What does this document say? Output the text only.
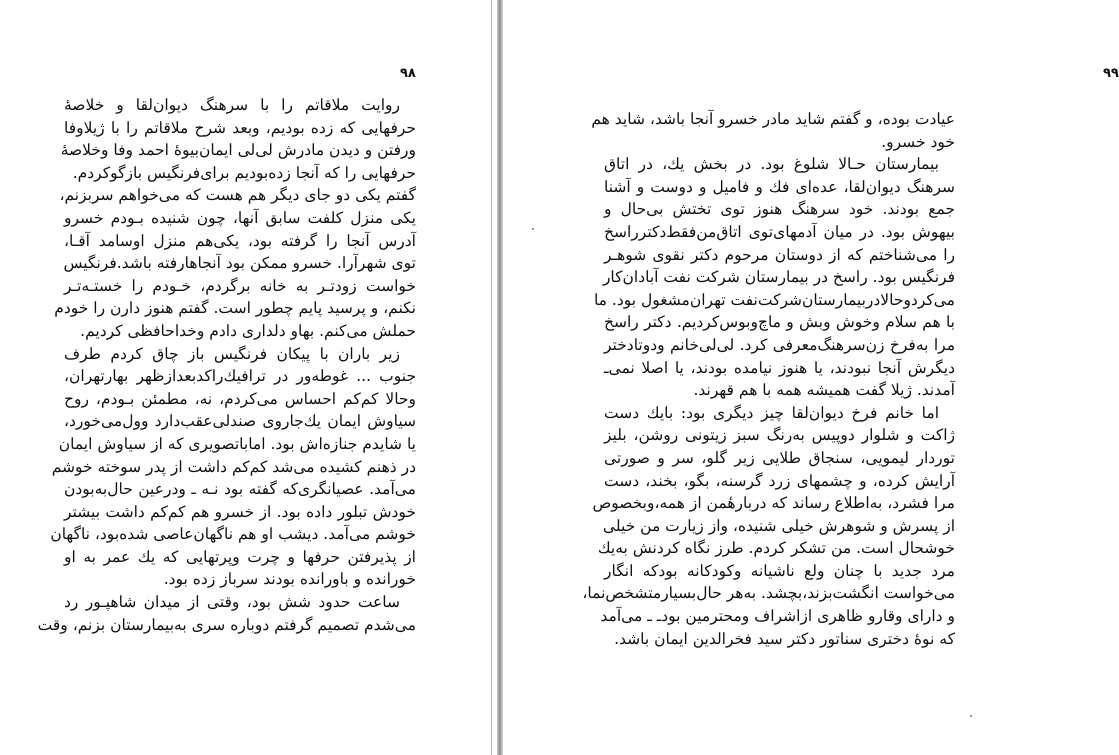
۹۸
روایت ملاقاتم را با سرهنگ دیوان‌لقا و خلاصهٔ
حرفهایی که زده بودیم، وبعد شرح ملاقاتم را با ژیلاوفا
ورفتن و دیدن مادرش لی‌لی ایمان‌بیوهٔ احمد وفا وخلاصهٔ
حرفهایی را که آنجا زده‌بودیم برای‌فرنگیس بازگوکردم.
گفتم یکی دو جای دیگر هم هست که می‌خواهم سربزنم،
یکی منزل کلفت سابق آنها، چون شنیده بـودم خسرو
آدرس آنجا را گرفته بود، یکی‌هم منزل اوسامد آقـا،
توی شهرآرا. خسرو ممکن بود آنجاهارفته باشد.فرنگیس
خواست زودتـر به خانه برگردم، خـودم را خستـه‌تـر
نکنم، و پرسید پایم چطور است. گفتم هنوز دارن را خودم
حملش می‌کنم. بهاو دلداری دادم وخداحافظی کردیم.
زیر باران با پیکان فرنگیس باز چاق کردم طرف
جنوب ... غوطه‌ور در ترافیك‌راکدبعدازظهر بهارتهران،
وحالا کم‌کم احساس می‌کردم، نه، مطمئن بـودم، روح
سیاوش ایمان یك‌جاروی صندلی‌عقب‌دارد وول‌می‌خورد،
یا شایدم جنازه‌اش بود. امابا‌تصویری که از سیاوش ایمان
در ذهنم کشیده می‌شد کم‌کم داشت از پدر سوخته خوشم
می‌آمد. عصیانگری‌که گفته بود نـه ـ ودرعین حال‌به‌بودن
خودش تبلور داده بود. از خسرو هم کم‌کم داشت بیشتر
خوشم می‌آمد. دیشب او هم ناگهان‌عاصی شده‌بود، ناگهان
از پذیرفتن حرفها و چرت وپرتهایی که یك عمر به او
خورانده و باورانده بودند سرباز زده بود.
ساعت حدود شش بود، وقتی از میدان شاهپـور رد
می‌شدم تصمیم گرفتم دوباره سری به‌بیمارستان بزنم، وقت
۹۹
عیادت بوده، و گفتم شاید مادر خسرو آنجا باشد، شاید هم
خود خسرو.
بیمارستان حـالا شلوغ بود. در بخش یك، در اتاق
سرهنگ دیوان‌لقا، عده‌ای فك و فامیل و دوست و آشنا
جمع بودند. خود سرهنگ هنوز توی تختش بی‌حال و
بیهوش بود. در میان آدمهای‌توی اتاق‌من‌فقط‌دکترراسخ
را می‌شناختم که از دوستان مرحوم دکتر نقوی شوهـر
فرنگیس بود. راسخ در بیمارستان شرکت نفت آبادان‌کار
می‌کردوحالادربیمارستان‌شرکت‌نفت تهران‌مشغول بود. ما
با هم سلام وخوش وبش و ماچ‌وبوس‌کردیم. دکتر راسخ
مرا بەفرخ زن‌سرهنگ‌معرفی کرد. لی‌لی‌خانم ودوتادختر
دیگرش آنجا نبودند، یا هنوز نیامده بودند، یا اصلا نمی‌ـ
آمدند. ژیلا گفت همیشه همه با هم قهرند.
اما خانم فرخ دیوان‌لقا چیز دیگری بود: بایك دست
ژاکت و شلوار دوپیس بەرنگ سبز زیتونی روشن، بلیز
توردار لیمویی، سنجاق طلایی زیر گلو، سر و صورتی
آرایش کرده، و چشمهای زرد گرسنه، بگو، بخند، دست
مرا فشرد، بەاطلاع رساند که دربارهٔمن از همه،وبخصوص
از پسرش و شوهرش خیلی شنیده، واز زیارت من خیلی
خوشحال است. من تشکر کردم. طرز نگاه کردنش بەیك
مرد جدید با چنان ولع ناشیانه وکودکانه بودکه انگار
می‌خواست انگشت‌بزند،بچشد. بەهر حال‌بسیارمتشخص‌نما،
و دارای وقارو ظاهری ازاشراف ومحترمین بودـ ـ می‌آمد
که نوهٔ دختری سناتور دکتر سید فخرالدین ایمان باشد.
